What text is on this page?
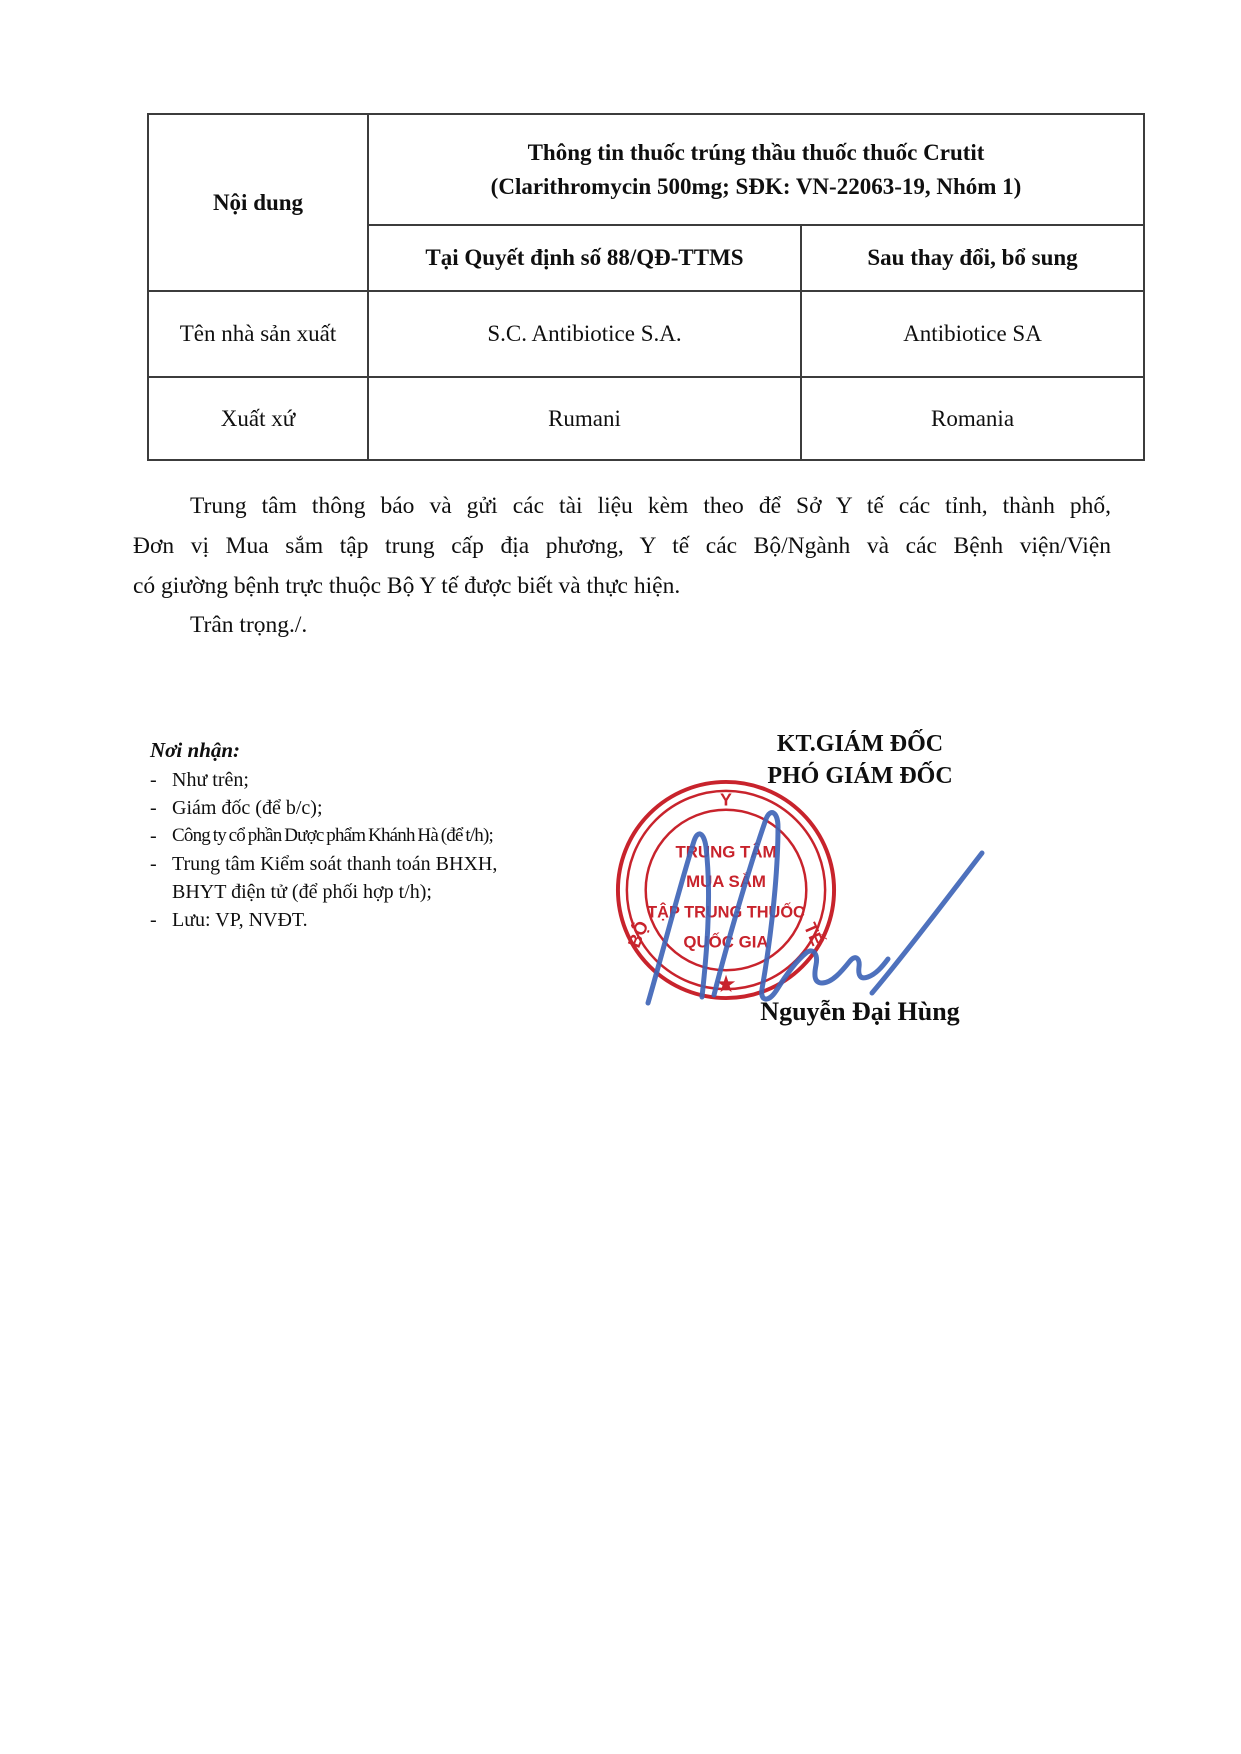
Nội dung	Thông tin thuốc trúng thầu thuốc thuốc Crutit
(Clarithromycin 500mg; SĐK: VN-22063-19, Nhóm 1)	

	Tại Quyết định số 88/QĐ-TTMS	Sau thay đổi, bổ sung
Tên nhà sản xuất	S.C. Antibiotice S.A.	Antibiotice SA
Xuất xứ	Rumani	Romania
Trung tâm thông báo và gửi các tài liệu kèm theo để Sở Y tế các tỉnh, thành phố,
Đơn vị Mua sắm tập trung cấp địa phương, Y tế các Bộ/Ngành và các Bệnh viện/Viện
có giường bệnh trực thuộc Bộ Y tế được biết và thực hiện.
Trân trọng./.
Nơi nhận:
- Như trên;
- Giám đốc (để b/c);
- Công ty cổ phần Dược phẩm Khánh Hà (để t/h);
- Trung tâm Kiểm soát thanh toán BHXH, BHYT điện tử (để phối hợp t/h);
- Lưu: VP, NVĐT.
KT.GIÁM ĐỐC
PHÓ GIÁM ĐỐC
Y
BỘ	TẾ
★
TRUNG TÂM
MUA SẮM
TẬP TRUNG THUỐC
QUỐC GIA
Nguyễn Đại Hùng
